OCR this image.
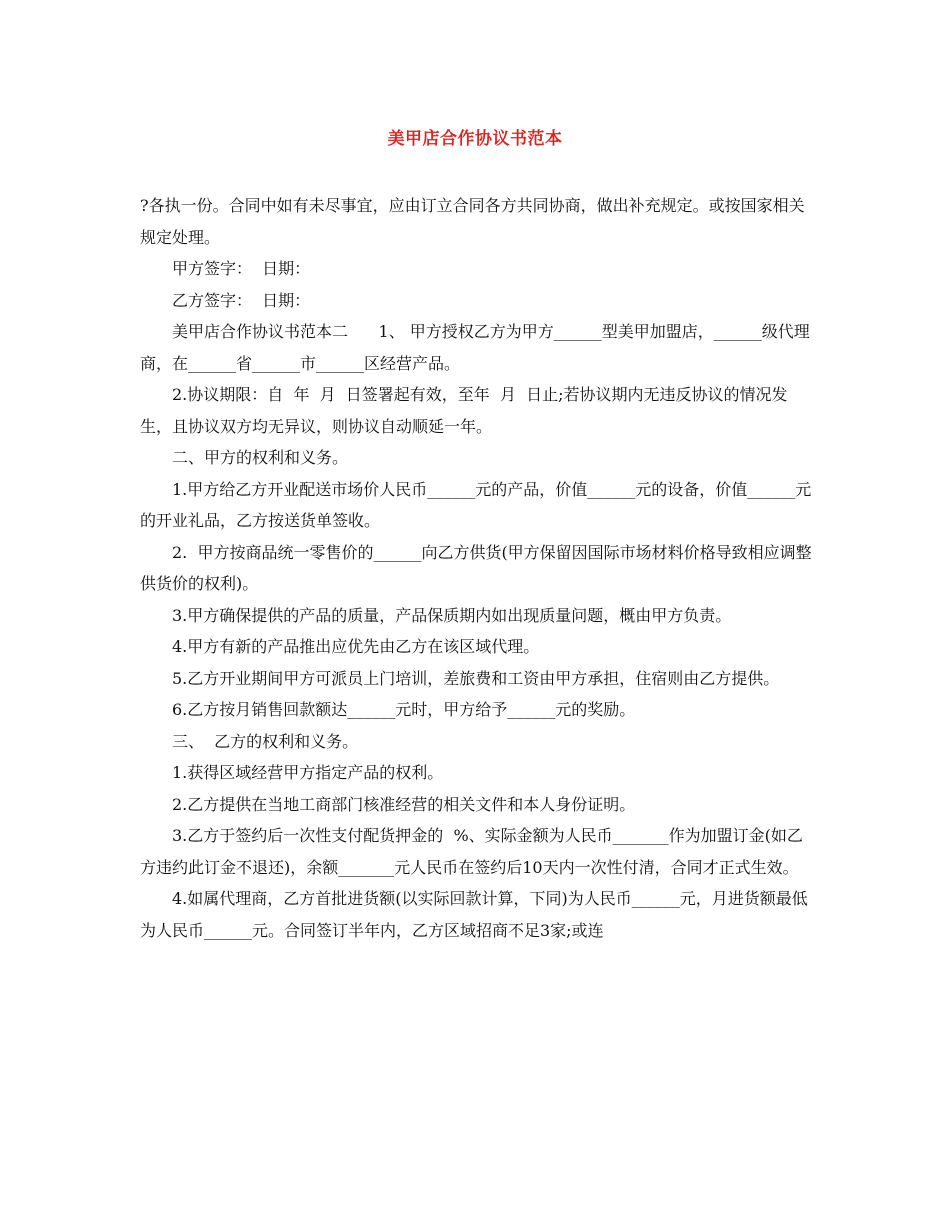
美甲店合作协议书范本

?各执一份。合同中如有未尽事宜，应由订立合同各方共同协商，做出补充规定。或按国家相关规定处理。

甲方签字：  日期：

乙方签字：  日期：

美甲店合作协议书范本二      1、 甲方授权乙方为甲方______型美甲加盟店，______级代理商，在______省______市______区经营产品。

2.协议期限：自  年  月  日签署起有效，至年  月  日止;若协议期内无违反协议的情况发生，且协议双方均无异议，则协议自动顺延一年。

二、甲方的权利和义务。

1.甲方给乙方开业配送市场价人民币______元的产品，价值______元的设备，价值______元的开业礼品，乙方按送货单签收。

2.  甲方按商品统一零售价的______向乙方供货(甲方保留因国际市场材料价格导致相应调整供货价的权利)。

3.甲方确保提供的产品的质量，产品保质期内如出现质量问题，概由甲方负责。

4.甲方有新的产品推出应优先由乙方在该区域代理。

5.乙方开业期间甲方可派员上门培训，差旅费和工资由甲方承担，住宿则由乙方提供。

6.乙方按月销售回款额达______元时，甲方给予______元的奖励。

三、  乙方的权利和义务。

1.获得区域经营甲方指定产品的权利。

2.乙方提供在当地工商部门核准经营的相关文件和本人身份证明。

3.乙方于签约后一次性支付配货押金的  %、实际金额为人民币_______作为加盟订金(如乙方违约此订金不退还)，余额_______元人民币在签约后10天内一次性付清，合同才正式生效。

4.如属代理商，乙方首批进货额(以实际回款计算，下同)为人民币______元，月进货额最低为人民币______元。合同签订半年内，乙方区域招商不足3家;或连
